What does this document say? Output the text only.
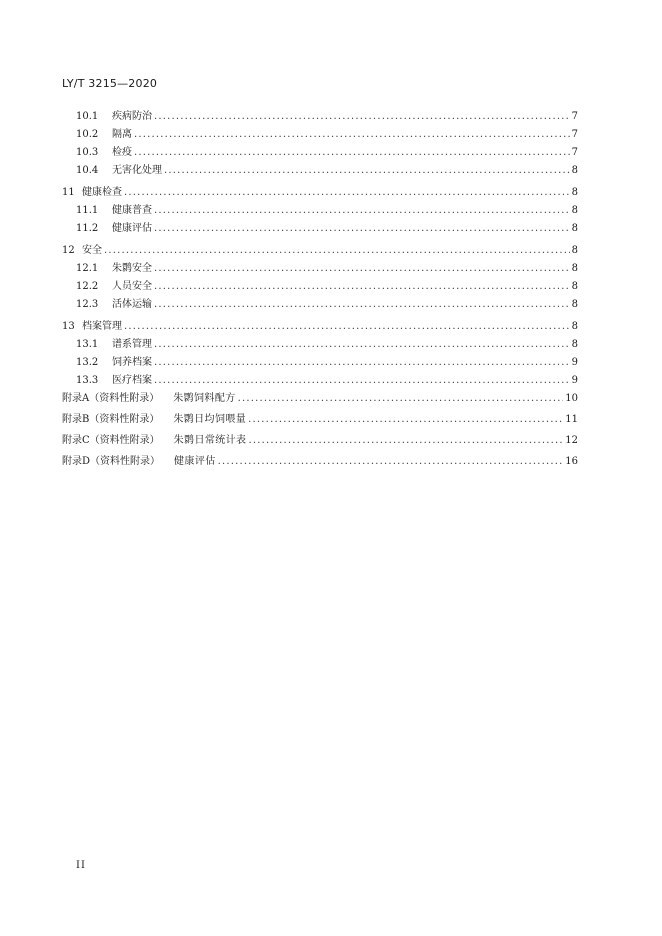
LY/T 3215—2020
10.1	疾病防治 .....	7
10.2	隔离 .....	7
10.3	检疫 .....	7
10.4	无害化处理 .....	8
11 健康检查 .....	8
11.1	健康普查 .....	8
11.2	健康评估 .....	8
12 安全 .....	8
12.1	朱鹮安全 .....	8
12.2	人员安全 .....	8
12.3	活体运输 .....	8
13 档案管理 .....	8
13.1	谱系管理 .....	8
13.2	饲养档案 .....	9
13.3	医疗档案 .....	9
附录A（资料性附录） 朱鹮饲料配方 .....	10
附录B（资料性附录） 朱鹮日均饲喂量 .....	11
附录C（资料性附录） 朱鹮日常统计表 .....	12
附录D（资料性附录） 健康评估 .....	16
II
